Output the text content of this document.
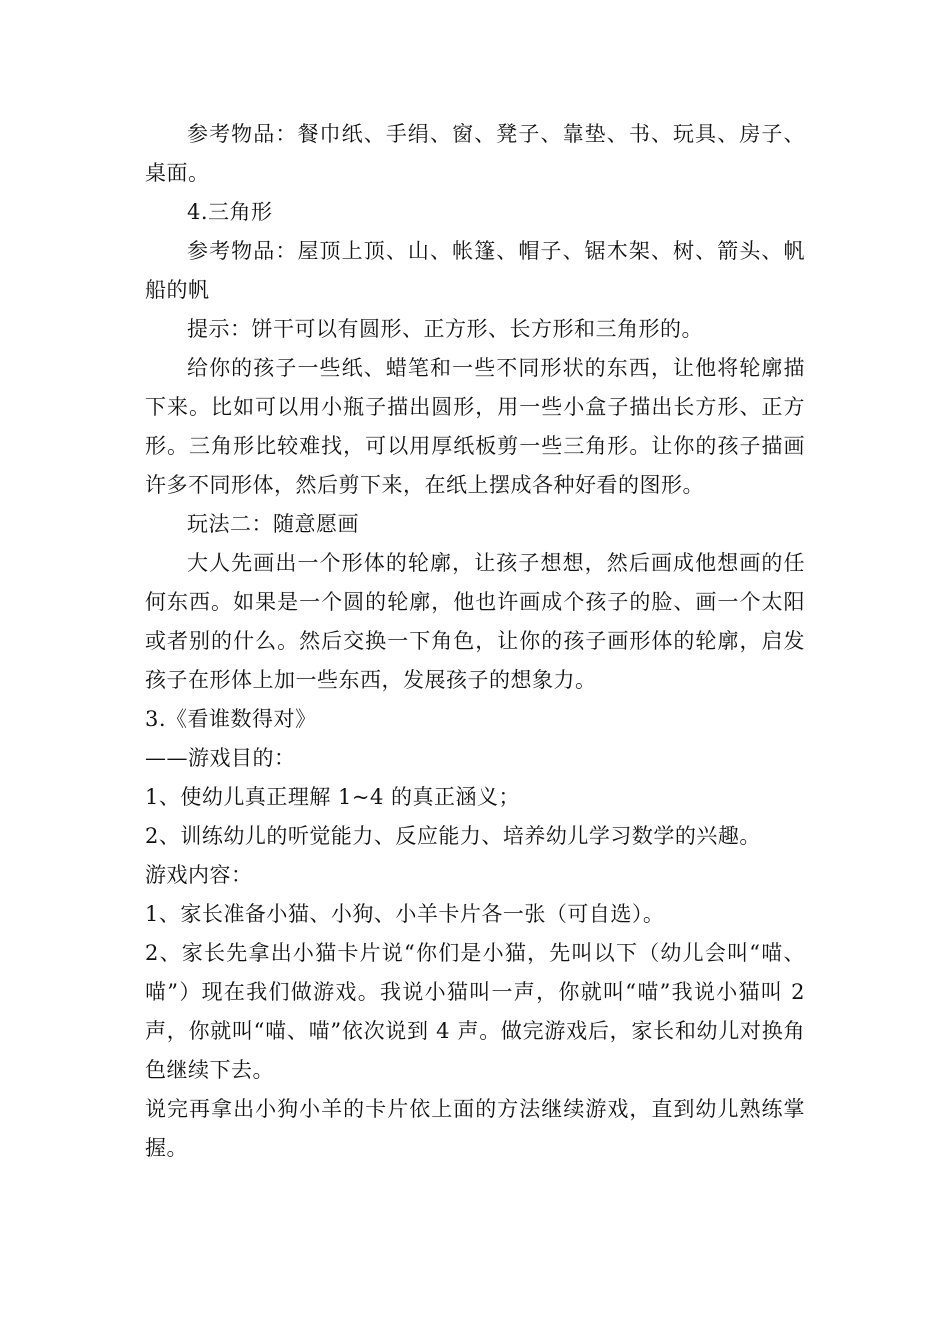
参考物品：餐巾纸、手绢、窗、凳子、靠垫、书、玩具、房子、桌面。

4.三角形

参考物品：屋顶上顶、山、帐篷、帽子、锯木架、树、箭头、帆船的帆

提示：饼干可以有圆形、正方形、长方形和三角形的。

给你的孩子一些纸、蜡笔和一些不同形状的东西，让他将轮廓描下来。比如可以用小瓶子描出圆形，用一些小盒子描出长方形、正方形。三角形比较难找，可以用厚纸板剪一些三角形。让你的孩子描画许多不同形体，然后剪下来，在纸上摆成各种好看的图形。

玩法二：随意愿画

大人先画出一个形体的轮廓，让孩子想想，然后画成他想画的任何东西。如果是一个圆的轮廓，他也许画成个孩子的脸、画一个太阳或者别的什么。然后交换一下角色，让你的孩子画形体的轮廓，启发孩子在形体上加一些东西，发展孩子的想象力。

3.《看谁数得对》

——游戏目的：

1、使幼儿真正理解 1~4 的真正涵义；

2、训练幼儿的听觉能力、反应能力、培养幼儿学习数学的兴趣。

游戏内容：

1、家长准备小猫、小狗、小羊卡片各一张（可自选）。

2、家长先拿出小猫卡片说“你们是小猫，先叫以下（幼儿会叫“喵、喵”）现在我们做游戏。我说小猫叫一声，你就叫“喵”我说小猫叫 2 声，你就叫“喵、喵”依次说到 4 声。做完游戏后，家长和幼儿对换角色继续下去。

说完再拿出小狗小羊的卡片依上面的方法继续游戏，直到幼儿熟练掌握。
